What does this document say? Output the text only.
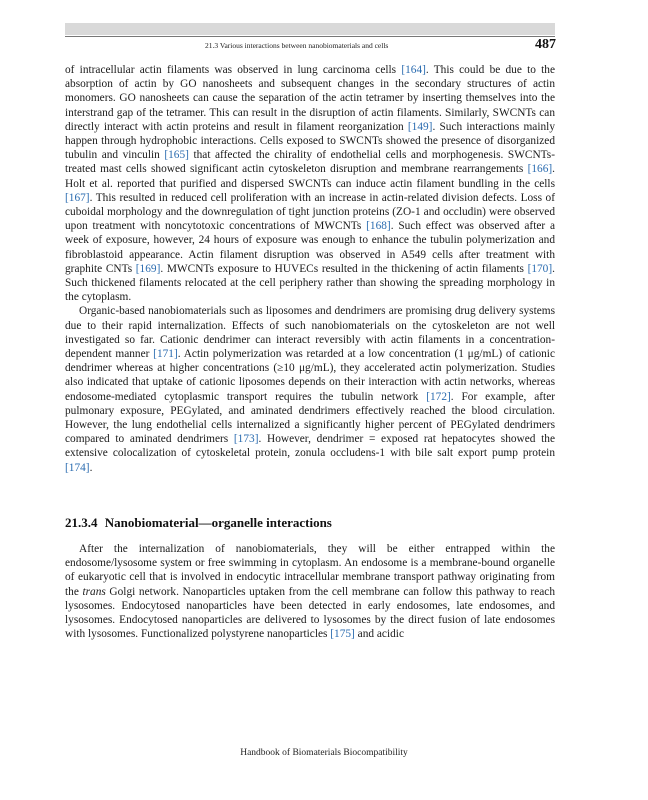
21.3 Various interactions between nanobiomaterials and cells	487

of intracellular actin filaments was observed in lung carcinoma cells [164]. This could be due to the absorption of actin by GO nanosheets and subsequent changes in the secondary structures of actin monomers. GO nanosheets can cause the separation of the actin tetramer by inserting themselves into the interstrand gap of the tetramer. This can result in the disruption of actin filaments. Similarly, SWCNTs can directly interact with actin proteins and result in filament reorganization [149]. Such interactions mainly happen through hydrophobic interactions. Cells exposed to SWCNTs showed the presence of disorganized tubulin and vinculin [165] that affected the chirality of endothelial cells and morphogenesis. SWCNTs-treated mast cells showed significant actin cytoskeleton disruption and membrane rearrangements [166]. Holt et al. reported that purified and dispersed SWCNTs can induce actin filament bundling in the cells [167]. This resulted in reduced cell proliferation with an increase in actin-related division defects. Loss of cuboidal morphology and the downregulation of tight junction proteins (ZO-1 and occludin) were observed upon treatment with noncytotoxic concentrations of MWCNTs [168]. Such effect was observed after a week of exposure, however, 24 hours of exposure was enough to enhance the tubulin polymerization and fibroblastoid appearance. Actin filament disruption was observed in A549 cells after treatment with graphite CNTs [169]. MWCNTs exposure to HUVECs resulted in the thickening of actin filaments [170]. Such thickened filaments relocated at the cell periphery rather than showing the spreading morphology in the cytoplasm.

Organic-based nanobiomaterials such as liposomes and dendrimers are promising drug delivery systems due to their rapid internalization. Effects of such nanobiomaterials on the cytoskeleton are not well investigated so far. Cationic dendrimer can interact reversibly with actin filaments in a concentration-dependent manner [171]. Actin polymerization was retarded at a low concentration (1 μg/mL) of cationic dendrimer whereas at higher concentrations (≥10 μg/mL), they accelerated actin polymerization. Studies also indicated that uptake of cationic liposomes depends on their interaction with actin networks, whereas endosome-mediated cytoplasmic transport requires the tubulin network [172]. For example, after pulmonary exposure, PEGylated, and aminated dendrimers effectively reached the blood circulation. However, the lung endothelial cells internalized a significantly higher percent of PEGylated dendrimers compared to aminated dendrimers [173]. However, dendrimer = exposed rat hepatocytes showed the extensive colocalization of cytoskeletal protein, zonula occludens-1 with bile salt export pump protein [174].

21.3.4 Nanobiomaterial—organelle interactions

After the internalization of nanobiomaterials, they will be either entrapped within the endosome/lysosome system or free swimming in cytoplasm. An endosome is a membrane-bound organelle of eukaryotic cell that is involved in endocytic intracellular membrane transport pathway originating from the trans Golgi network. Nanoparticles uptaken from the cell membrane can follow this pathway to reach lysosomes. Endocytosed nanoparticles have been detected in early endosomes, late endosomes, and lysosomes. Endocytosed nanoparticles are delivered to lysosomes by the direct fusion of late endosomes with lysosomes. Functionalized polystyrene nanoparticles [175] and acidic

Handbook of Biomaterials Biocompatibility
